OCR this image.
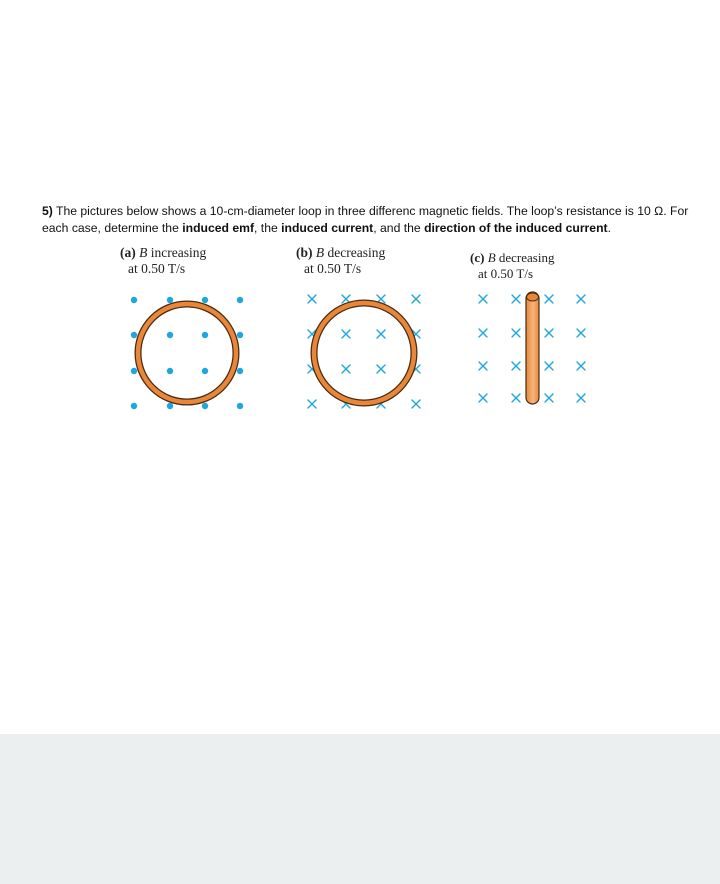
5) The pictures below shows a 10-cm-diameter loop in three differenc magnetic fields. The loop’s resistance is 10 Ω. For each case, determine the induced emf, the induced current, and the direction of the induced current.
(a) B increasing
at 0.50 T/s
(b) B decreasing
at 0.50 T/s
(c) B decreasing
at 0.50 T/s
